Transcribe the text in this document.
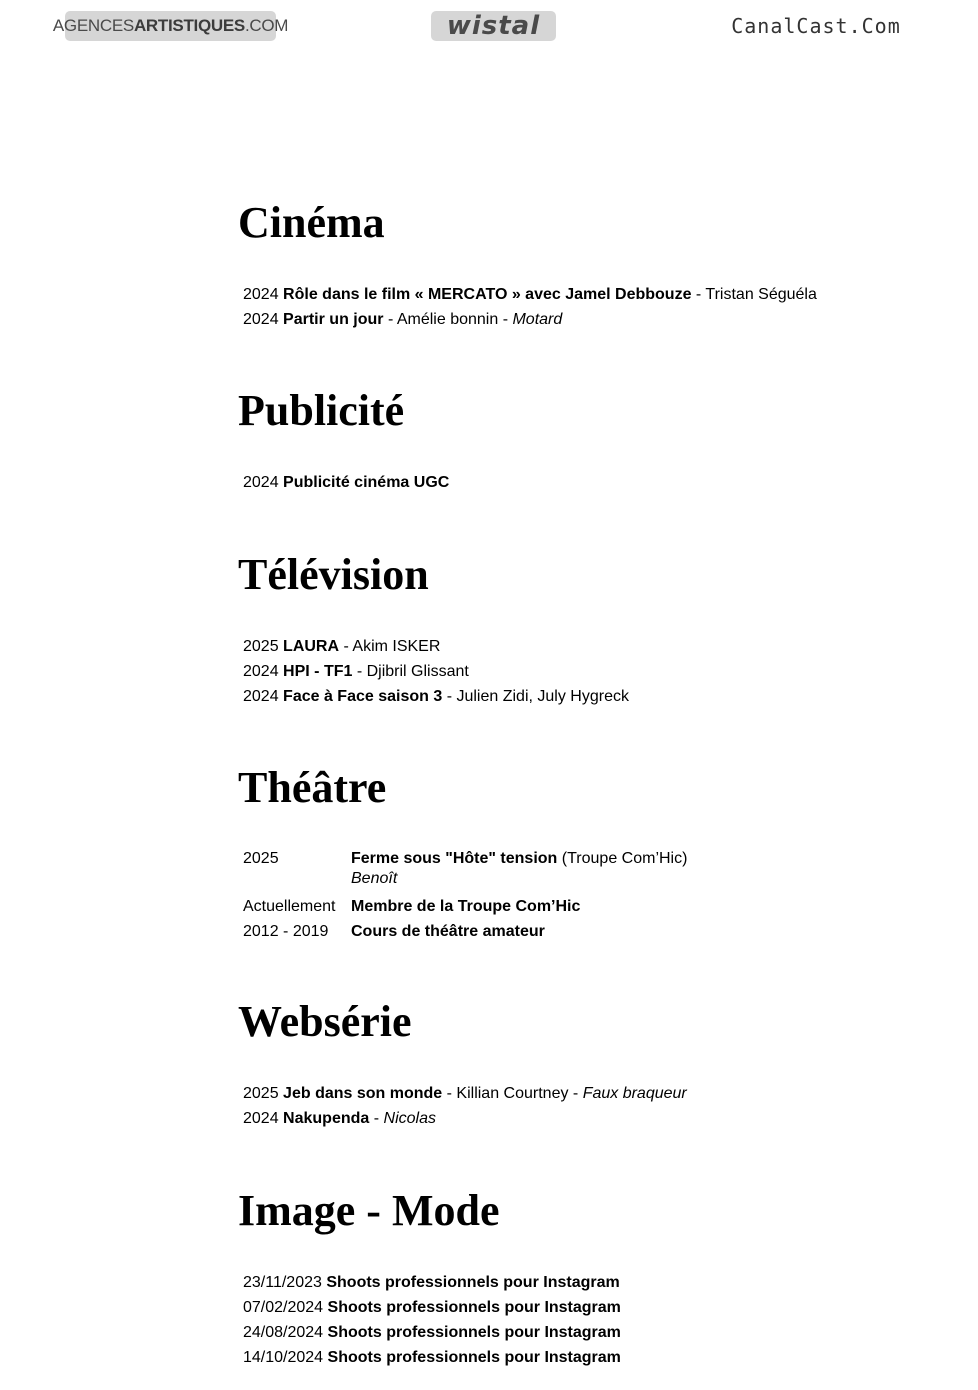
AGENCES ARTISTIQUES .COM	wistal	CanalCast.Com
Cinéma
2024 Rôle dans le film « MERCATO » avec Jamel Debbouze - Tristan Séguéla
2024 Partir un jour - Amélie bonnin - Motard
Publicité
2024 Publicité cinéma UGC
Télévision
2025 LAURA - Akim ISKER
2024 HPI - TF1 - Djibril Glissant
2024 Face à Face saison 3 - Julien Zidi, July Hygreck
Théâtre
2025	Ferme sous "Hôte" tension (Troupe Com’Hic)
Benoît
Actuellement Membre de la Troupe Com’Hic
2012 - 2019	Cours de théâtre amateur
Websérie
2025 Jeb dans son monde - Killian Courtney - Faux braqueur
2024 Nakupenda - Nicolas
Image - Mode
23/11/2023 Shoots professionnels pour Instagram
07/02/2024 Shoots professionnels pour Instagram
24/08/2024 Shoots professionnels pour Instagram
14/10/2024 Shoots professionnels pour Instagram
